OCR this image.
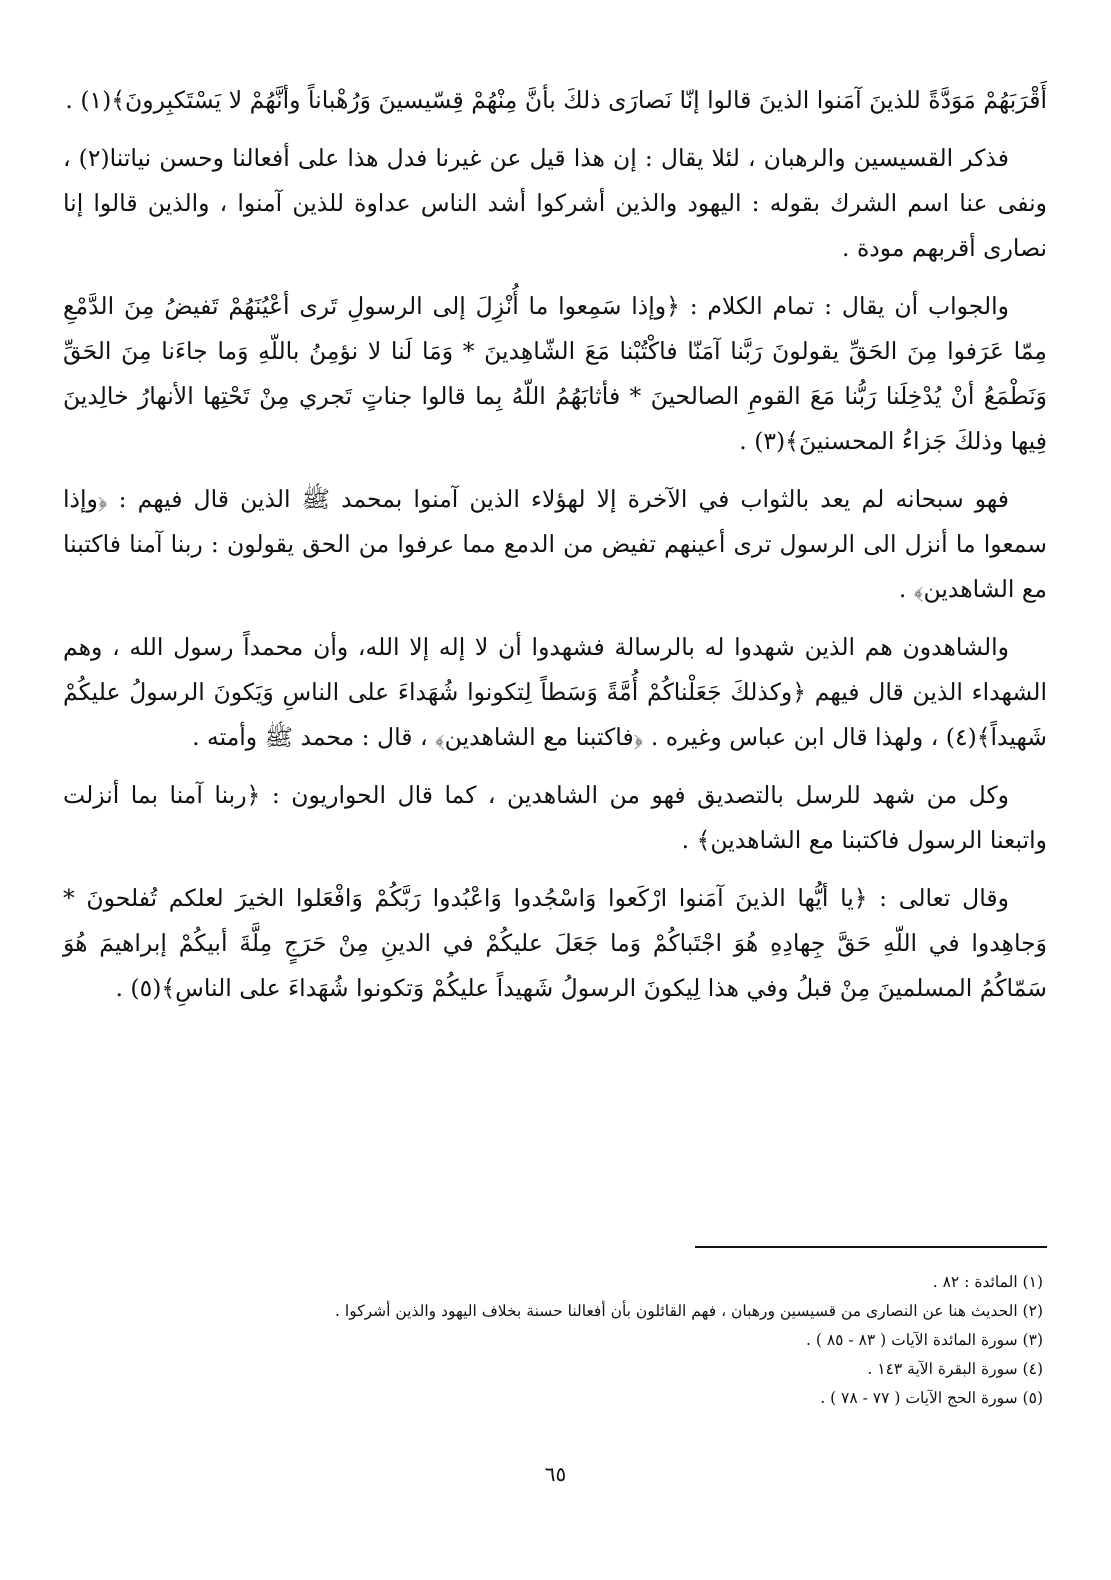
أَقْرَبَهُمْ مَوَدَّةً للذينَ آمَنوا الذينَ قالوا إنّا نَصارَى ذلكَ بأنَّ مِنْهُمْ قِسّيسينَ وَرُهْباناً وأنَّهُمْ لا يَسْتَكبِرونَ﴾(١) .

فذكر القسيسين والرهبان ، لئلا يقال : إن هذا قيل عن غيرنا فدل هذا على أفعالنا وحسن نياتنا(٢) ، ونفى عنا اسم الشرك بقوله : اليهود والذين أشركوا أشد الناس عداوة للذين آمنوا ، والذين قالوا إنا نصارى أقربهم مودة .

والجواب أن يقال : تمام الكلام : ﴿وإذا سَمِعوا ما أُنْزِلَ إلى الرسولِ تَرى أعْيُنَهُمْ تَفيضُ مِنَ الدَّمْعِ مِمّا عَرَفوا مِنَ الحَقِّ يقولونَ رَبَّنا آمَنّا فاكْتُبْنا مَعَ الشّاهِدينَ * وَمَا لَنا لا نؤمِنُ باللّهِ وَما جاءَنا مِنَ الحَقِّ وَنَطْمَعُ أنْ يُدْخِلَنا رَبُّنا مَعَ القومِ الصالحينَ * فأثابَهُمُ اللّهُ بِما قالوا جناتٍ تَجري مِنْ تَحْتِها الأنهارُ خالِدينَ فِيها وذلكَ جَزاءُ المحسنينَ﴾(٣) .

فهو سبحانه لم يعد بالثواب في الآخرة إلا لهؤلاء الذين آمنوا بمحمد ﷺ الذين قال فيهم : ﴿وإذا سمعوا ما أنزل الى الرسول ترى أعينهم تفيض من الدمع مما عرفوا من الحق يقولون : ربنا آمنا فاكتبنا مع الشاهدين﴾ .

والشاهدون هم الذين شهدوا له بالرسالة فشهدوا أن لا إله إلا الله، وأن محمداً رسول الله ، وهم الشهداء الذين قال فيهم ﴿وكذلكَ جَعَلْناكُمْ أُمَّةً وَسَطاً لِتكونوا شُهَداءَ على الناسِ وَيَكونَ الرسولُ عليكُمْ شَهيداً﴾(٤) ، ولهذا قال ابن عباس وغيره . ﴿فاكتبنا مع الشاهدين﴾ ، قال : محمد ﷺ وأمته .

وكل من شهد للرسل بالتصديق فهو من الشاهدين ، كما قال الحواريون : ﴿ربنا آمنا بما أنزلت واتبعنا الرسول فاكتبنا مع الشاهدين﴾ .

وقال تعالى : ﴿يا أيُّها الذينَ آمَنوا ارْكَعوا وَاسْجُدوا وَاعْبُدوا رَبَّكُمْ وَافْعَلوا الخيرَ لعلكم تُفلحونَ * وَجاهِدوا في اللّهِ حَقَّ جِهادِهِ هُوَ اجْتَباكُمْ وَما جَعَلَ عليكُمْ في الدينِ مِنْ حَرَجٍ مِلَّةَ أبيكُمْ إبراهيمَ هُوَ سَمّاكُمُ المسلمينَ مِنْ قبلُ وفي هذا لِيكونَ الرسولُ شَهيداً عليكُمْ وَتكونوا شُهَداءَ على الناسِ﴾(٥) .

(١) المائدة : ٨٢ .

(٢) الحديث هنا عن النصارى من قسيسين ورهبان ، فهم القائلون بأن أفعالنا حسنة بخلاف اليهود والذين أشركوا .

(٣) سورة المائدة الآيات ( ٨٣ - ٨٥ ) .

(٤) سورة البقرة الآية ١٤٣ .

(٥) سورة الحج الآيات ( ٧٧ - ٧٨ ) .

٦٥
